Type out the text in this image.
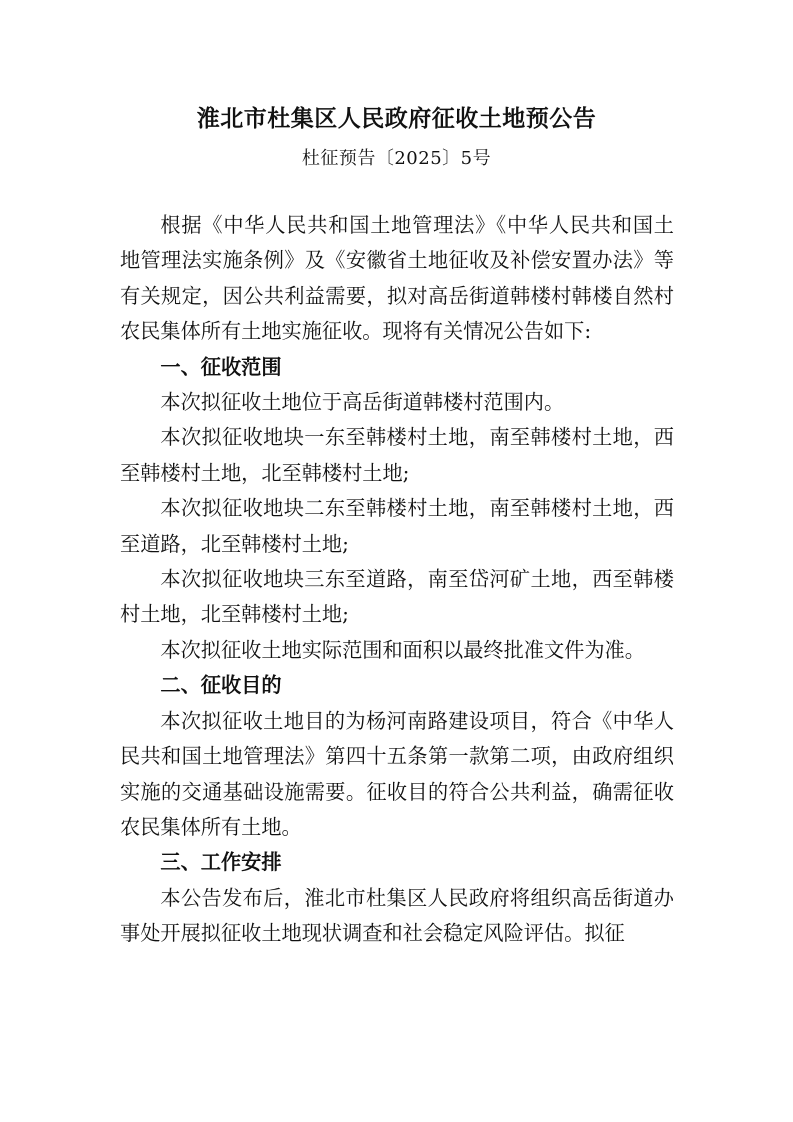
淮北市杜集区人民政府征收土地预公告
杜征预告〔2025〕5号

根据《中华人民共和国土地管理法》《中华人民共和国土地管理法实施条例》及《安徽省土地征收及补偿安置办法》等有关规定，因公共利益需要，拟对高岳街道韩楼村韩楼自然村农民集体所有土地实施征收。现将有关情况公告如下:

一、征收范围

本次拟征收土地位于高岳街道韩楼村范围内。

本次拟征收地块一东至韩楼村土地，南至韩楼村土地，西至韩楼村土地，北至韩楼村土地;

本次拟征收地块二东至韩楼村土地，南至韩楼村土地，西至道路，北至韩楼村土地;

本次拟征收地块三东至道路，南至岱河矿土地，西至韩楼村土地，北至韩楼村土地;

本次拟征收土地实际范围和面积以最终批准文件为准。

二、征收目的

本次拟征收土地目的为杨河南路建设项目，符合《中华人民共和国土地管理法》第四十五条第一款第二项，由政府组织实施的交通基础设施需要。征收目的符合公共利益，确需征收农民集体所有土地。

三、工作安排

本公告发布后，淮北市杜集区人民政府将组织高岳街道办事处开展拟征收土地现状调查和社会稳定风险评估。拟征
